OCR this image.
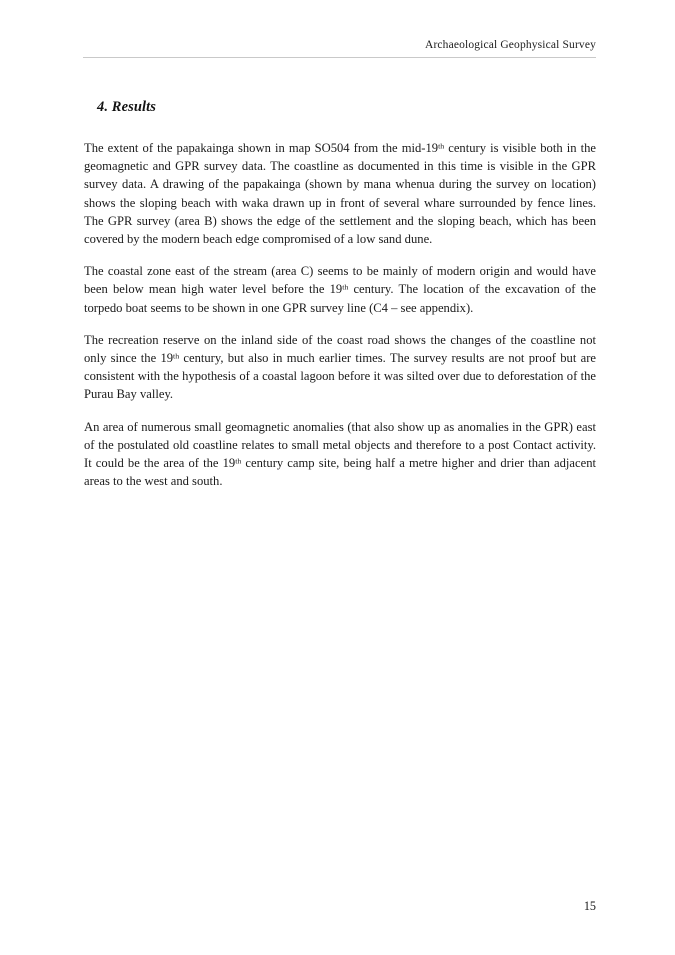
Archaeological Geophysical Survey
4. Results

The extent of the papakainga shown in map SO504 from the mid-19th century is visible both in the geomagnetic and GPR survey data. The coastline as documented in this time is visible in the GPR survey data. A drawing of the papakainga (shown by mana whenua during the survey on location) shows the sloping beach with waka drawn up in front of several whare surrounded by fence lines. The GPR survey (area B) shows the edge of the settlement and the sloping beach, which has been covered by the modern beach edge compromised of a low sand dune.

The coastal zone east of the stream (area C) seems to be mainly of modern origin and would have been below mean high water level before the 19th century. The location of the excavation of the torpedo boat seems to be shown in one GPR survey line (C4 – see appendix).

The recreation reserve on the inland side of the coast road shows the changes of the coastline not only since the 19th century, but also in much earlier times. The survey results are not proof but are consistent with the hypothesis of a coastal lagoon before it was silted over due to deforestation of the Purau Bay valley.

An area of numerous small geomagnetic anomalies (that also show up as anomalies in the GPR) east of the postulated old coastline relates to small metal objects and therefore to a post Contact activity. It could be the area of the 19th century camp site, being half a metre higher and drier than adjacent areas to the west and south.

15
